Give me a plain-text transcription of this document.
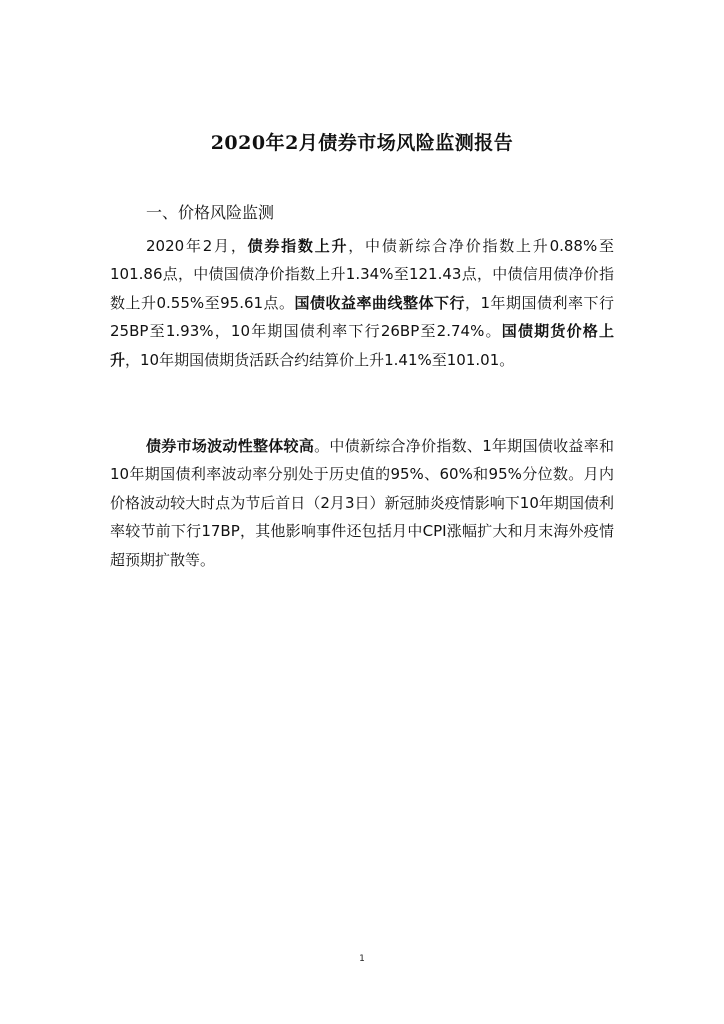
2020年2月债券市场风险监测报告
一、价格风险监测

2020年2月，债券指数上升，中债新综合净价指数上升0.88%至101.86点，中债国债净价指数上升1.34%至121.43点，中债信用债净价指数上升0.55%至95.61点。国债收益率曲线整体下行，1年期国债利率下行25BP至1.93%，10年期国债利率下行26BP至2.74%。国债期货价格上升，10年期国债期货活跃合约结算价上升1.41%至101.01。

债券市场波动性整体较高。中债新综合净价指数、1年期国债收益率和10年期国债利率波动率分别处于历史值的95%、60%和95%分位数。月内价格波动较大时点为节后首日（2月3日）新冠肺炎疫情影响下10年期国债利率较节前下行17BP，其他影响事件还包括月中CPI涨幅扩大和月末海外疫情超预期扩散等。

1
